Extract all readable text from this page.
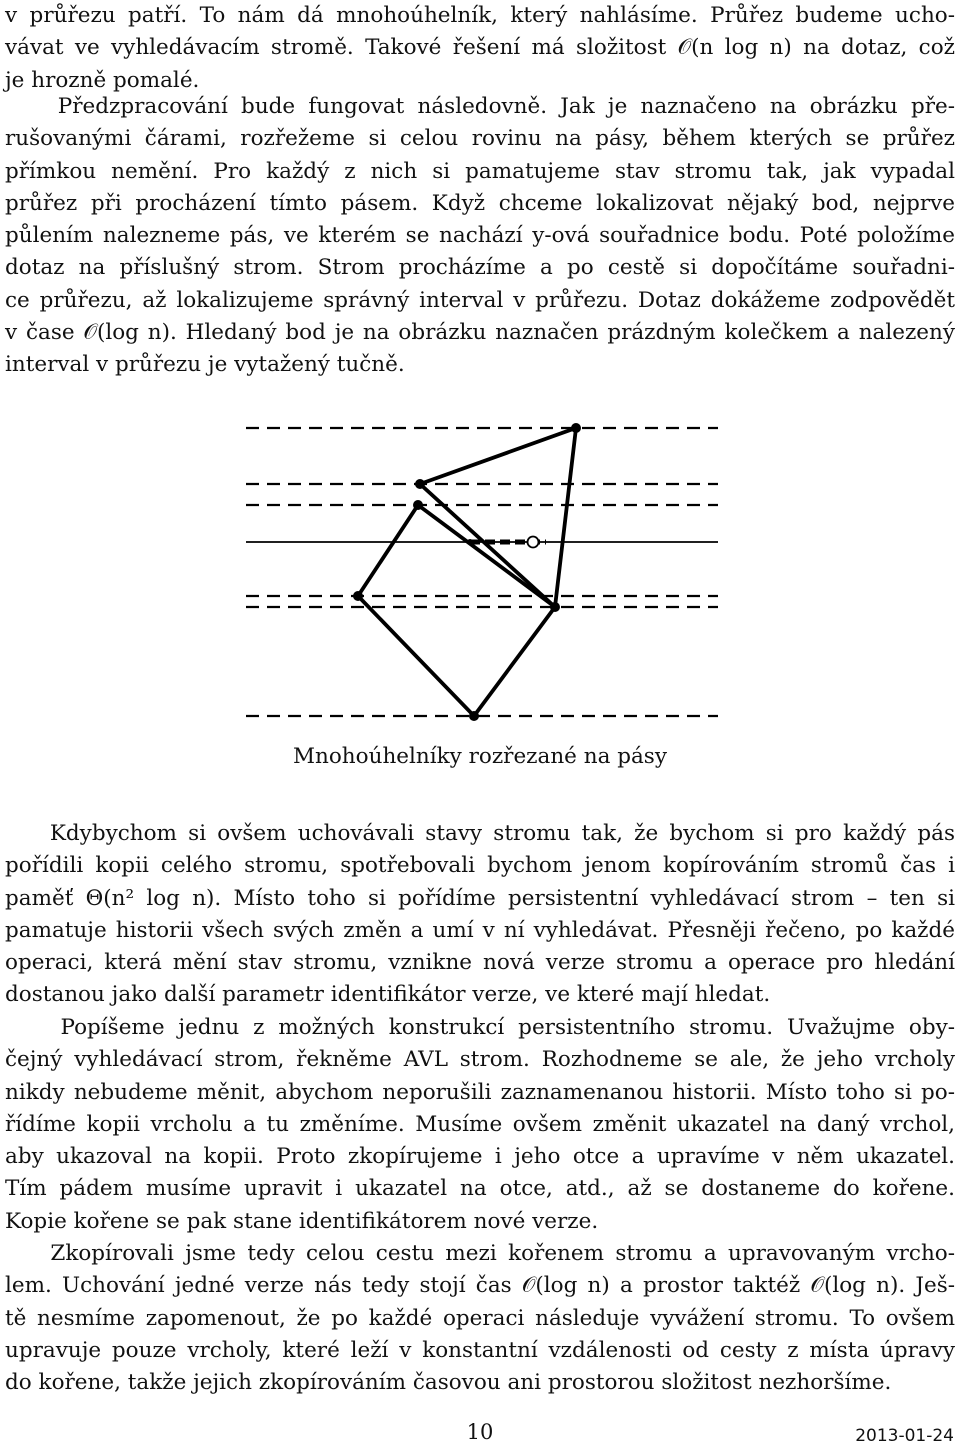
v průřezu patří. To nám dá mnohoúhelník, který nahlásíme. Průřez budeme ucho-
vávat ve vyhledávacím stromě. Takové řešení má složitost 𝒪(n log n) na dotaz, což
je hrozně pomalé.
Předzpracování bude fungovat následovně. Jak je naznačeno na obrázku pře-
rušovanými čárami, rozřežeme si celou rovinu na pásy, během kterých se průřez
přímkou nemění. Pro každý z nich si pamatujeme stav stromu tak, jak vypadal
průřez při procházení tímto pásem. Když chceme lokalizovat nějaký bod, nejprve
půlením nalezneme pás, ve kterém se nachází y-ová souřadnice bodu. Poté položíme
dotaz na příslušný strom. Strom procházíme a po cestě si dopočítáme souřadni-
ce průřezu, až lokalizujeme správný interval v průřezu. Dotaz dokážeme zodpovědět
v čase 𝒪(log n). Hledaný bod je na obrázku naznačen prázdným kolečkem a nalezený
interval v průřezu je vytažený tučně.
Mnohoúhelníky rozřezané na pásy
Kdybychom si ovšem uchovávali stavy stromu tak, že bychom si pro každý pás
pořídili kopii celého stromu, spotřebovali bychom jenom kopírováním stromů čas i
paměť Θ(n² log n). Místo toho si pořídíme persistentní vyhledávací strom – ten si
pamatuje historii všech svých změn a umí v ní vyhledávat. Přesněji řečeno, po každé
operaci, která mění stav stromu, vznikne nová verze stromu a operace pro hledání
dostanou jako další parametr identifikátor verze, ve které mají hledat.
Popíšeme jednu z možných konstrukcí persistentního stromu. Uvažujme oby-
čejný vyhledávací strom, řekněme AVL strom. Rozhodneme se ale, že jeho vrcholy
nikdy nebudeme měnit, abychom neporušili zaznamenanou historii. Místo toho si po-
řídíme kopii vrcholu a tu změníme. Musíme ovšem změnit ukazatel na daný vrchol,
aby ukazoval na kopii. Proto zkopírujeme i jeho otce a upravíme v něm ukazatel.
Tím pádem musíme upravit i ukazatel na otce, atd., až se dostaneme do kořene.
Kopie kořene se pak stane identifikátorem nové verze.
Zkopírovali jsme tedy celou cestu mezi kořenem stromu a upravovaným vrcho-
lem. Uchování jedné verze nás tedy stojí čas 𝒪(log n) a prostor taktéž 𝒪(log n). Ješ-
tě nesmíme zapomenout, že po každé operaci následuje vyvážení stromu. To ovšem
upravuje pouze vrcholy, které leží v konstantní vzdálenosti od cesty z místa úpravy
do kořene, takže jejich zkopírováním časovou ani prostorou složitost nezhoršíme.
10	2013-01-24
